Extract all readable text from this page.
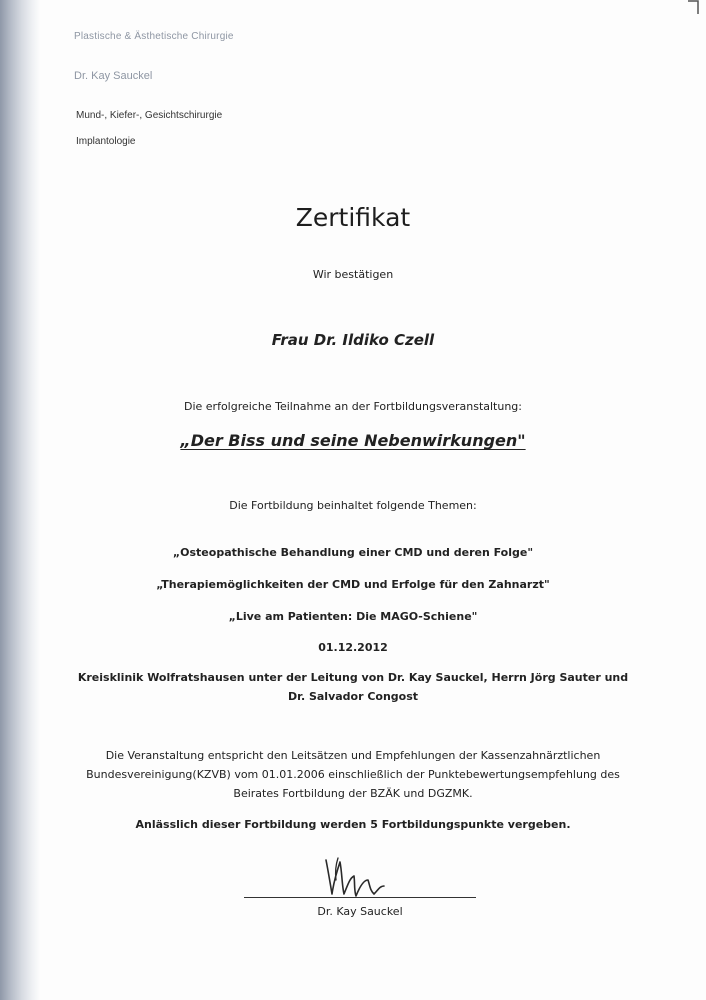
Plastische & Ästhetische Chirurgie
Dr. Kay Sauckel
Mund-, Kiefer-, Gesichtschirurgie
Implantologie
Zertifikat
Wir bestätigen
Frau Dr. Ildiko Czell
Die erfolgreiche Teilnahme an der Fortbildungsveranstaltung:
„Der Biss und seine Nebenwirkungen"
Die Fortbildung beinhaltet folgende Themen:
„Osteopathische Behandlung einer CMD und deren Folge"
„Therapiemöglichkeiten der CMD und Erfolge für den Zahnarzt"
„Live am Patienten: Die MAGO-Schiene"
01.12.2012
Kreisklinik Wolfratshausen unter der Leitung von Dr. Kay Sauckel, Herrn Jörg Sauter und
Dr. Salvador Congost
Die Veranstaltung entspricht den Leitsätzen und Empfehlungen der Kassenzahnärztlichen
Bundesvereinigung(KZVB) vom 01.01.2006 einschließlich der Punktebewertungsempfehlung des
Beirates Fortbildung der BZÄK und DGZMK.
Anlässlich dieser Fortbildung werden 5 Fortbildungspunkte vergeben.
Dr. Kay Sauckel
